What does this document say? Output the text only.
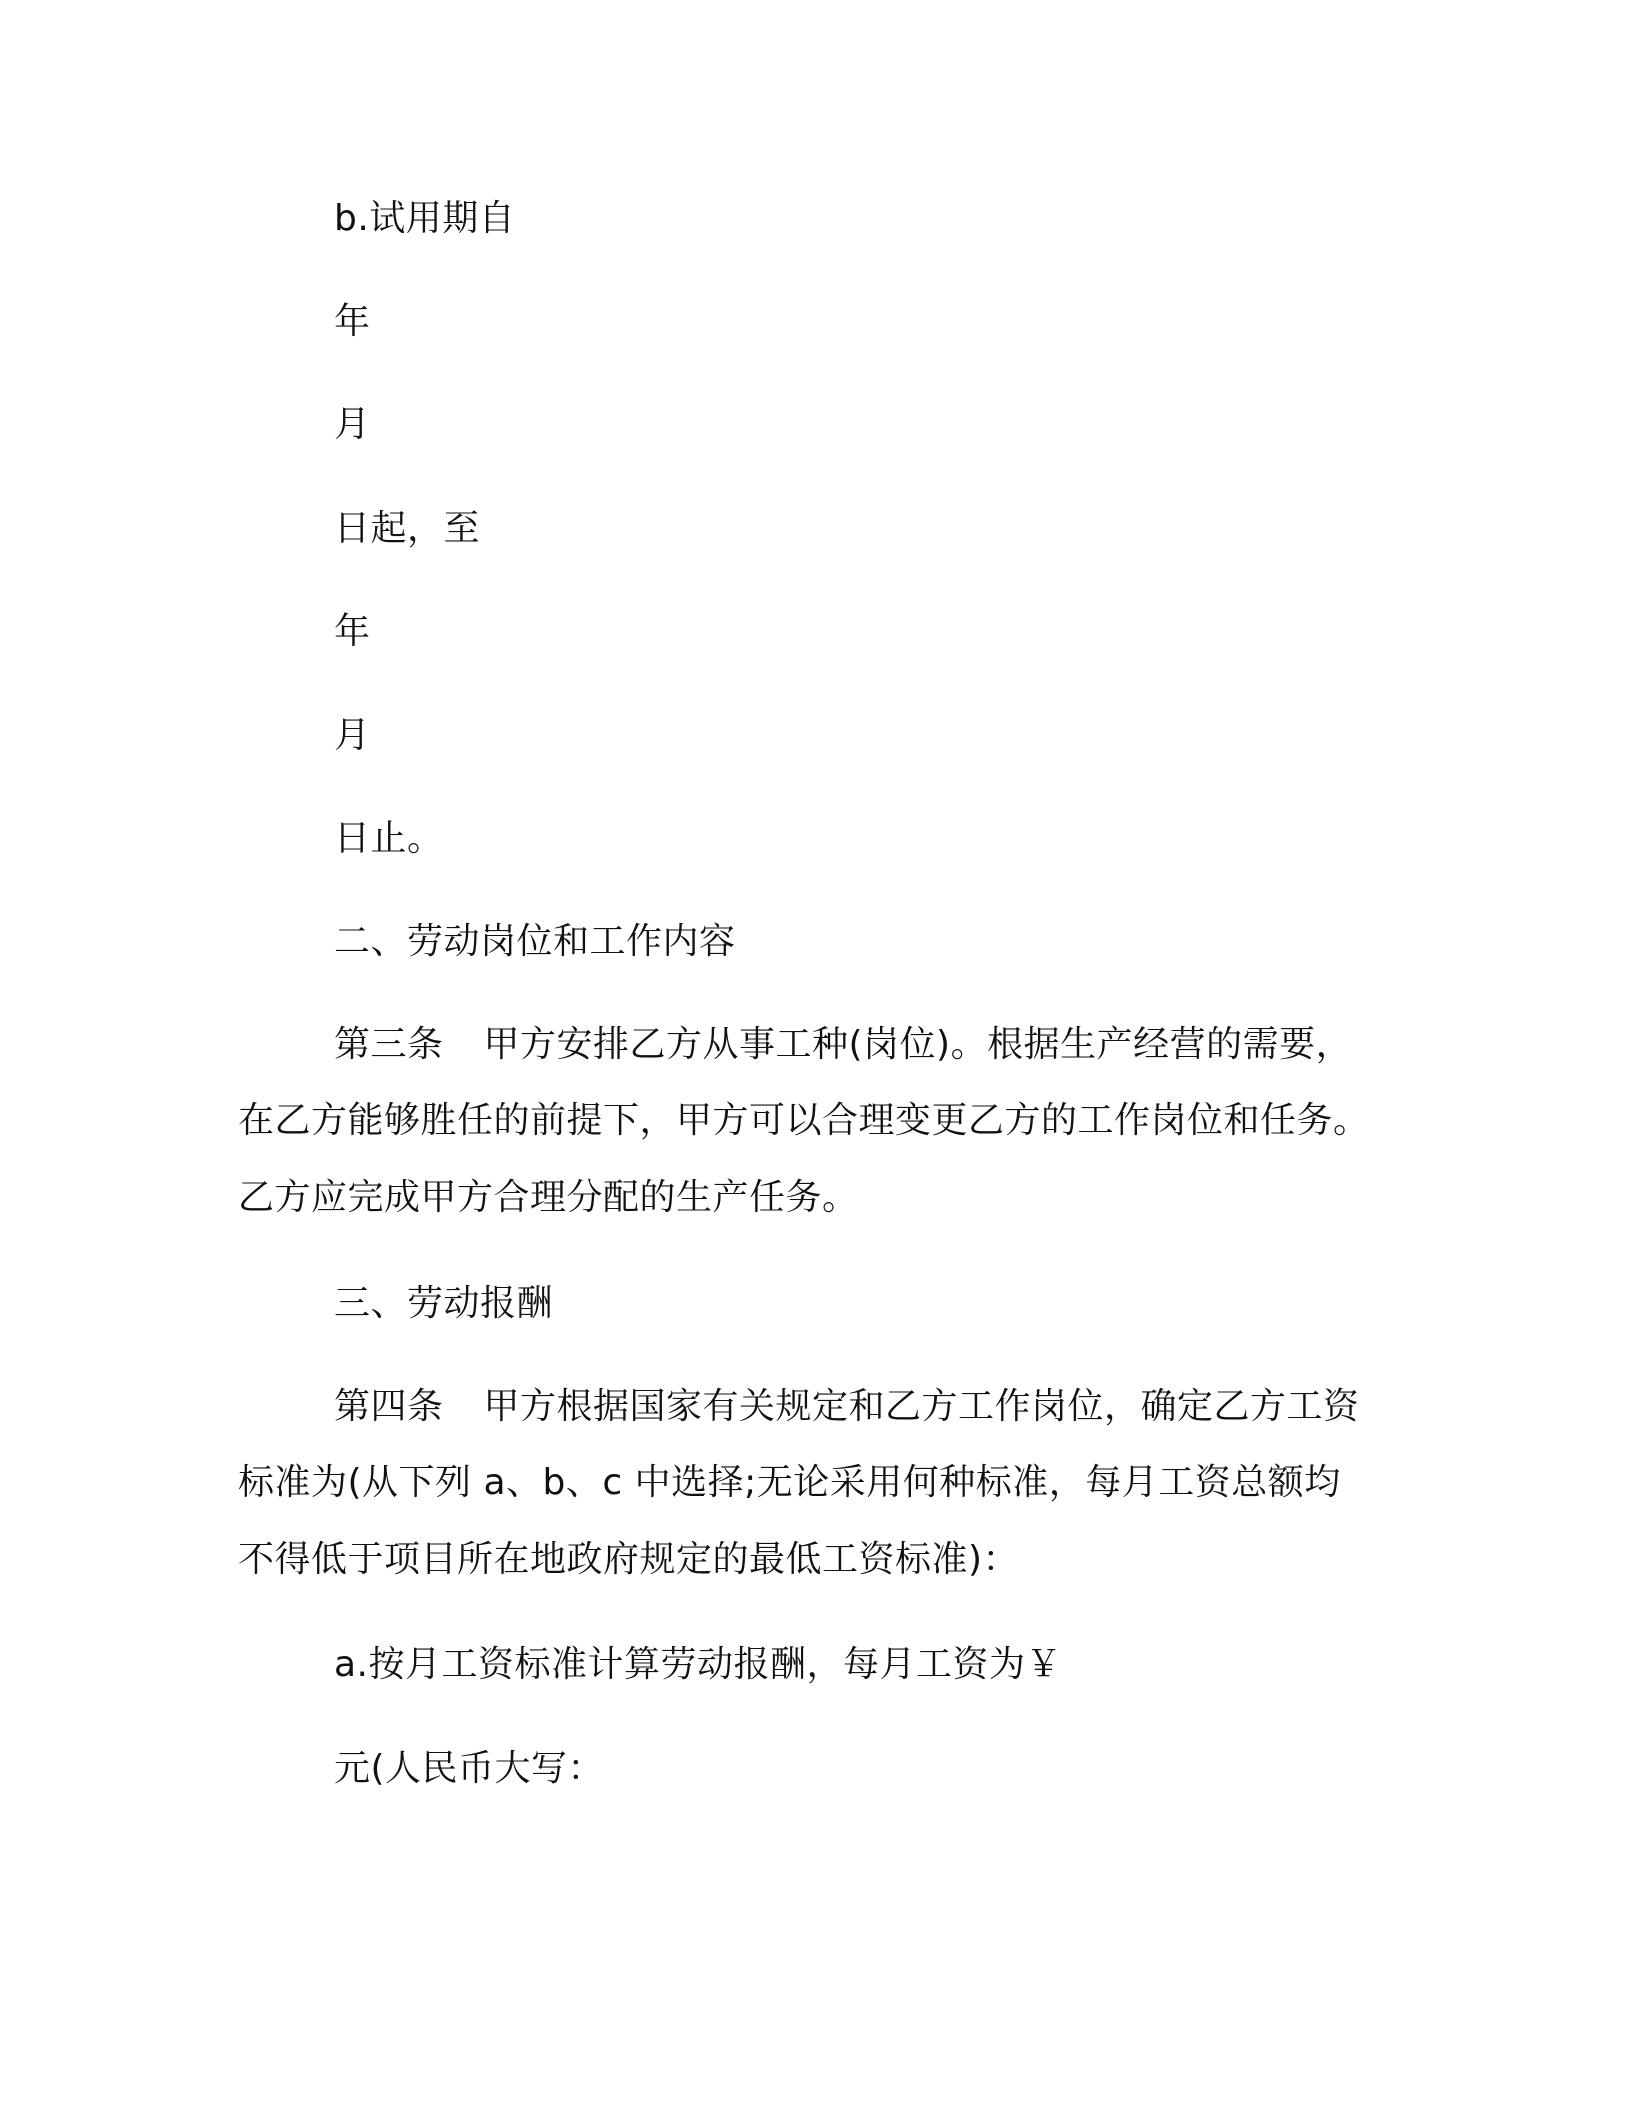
b.试用期自
年
月
日起，至
年
月
日止。
二、劳动岗位和工作内容
第三条 甲方安排乙方从事工种(岗位)。根据生产经营的需要，
在乙方能够胜任的前提下，甲方可以合理变更乙方的工作岗位和任务。
乙方应完成甲方合理分配的生产任务。
三、劳动报酬
第四条 甲方根据国家有关规定和乙方工作岗位，确定乙方工资
标准为(从下列 a、b、c 中选择;无论采用何种标准，每月工资总额均
不得低于项目所在地政府规定的最低工资标准)：
a.按月工资标准计算劳动报酬，每月工资为￥
元(人民币大写：
